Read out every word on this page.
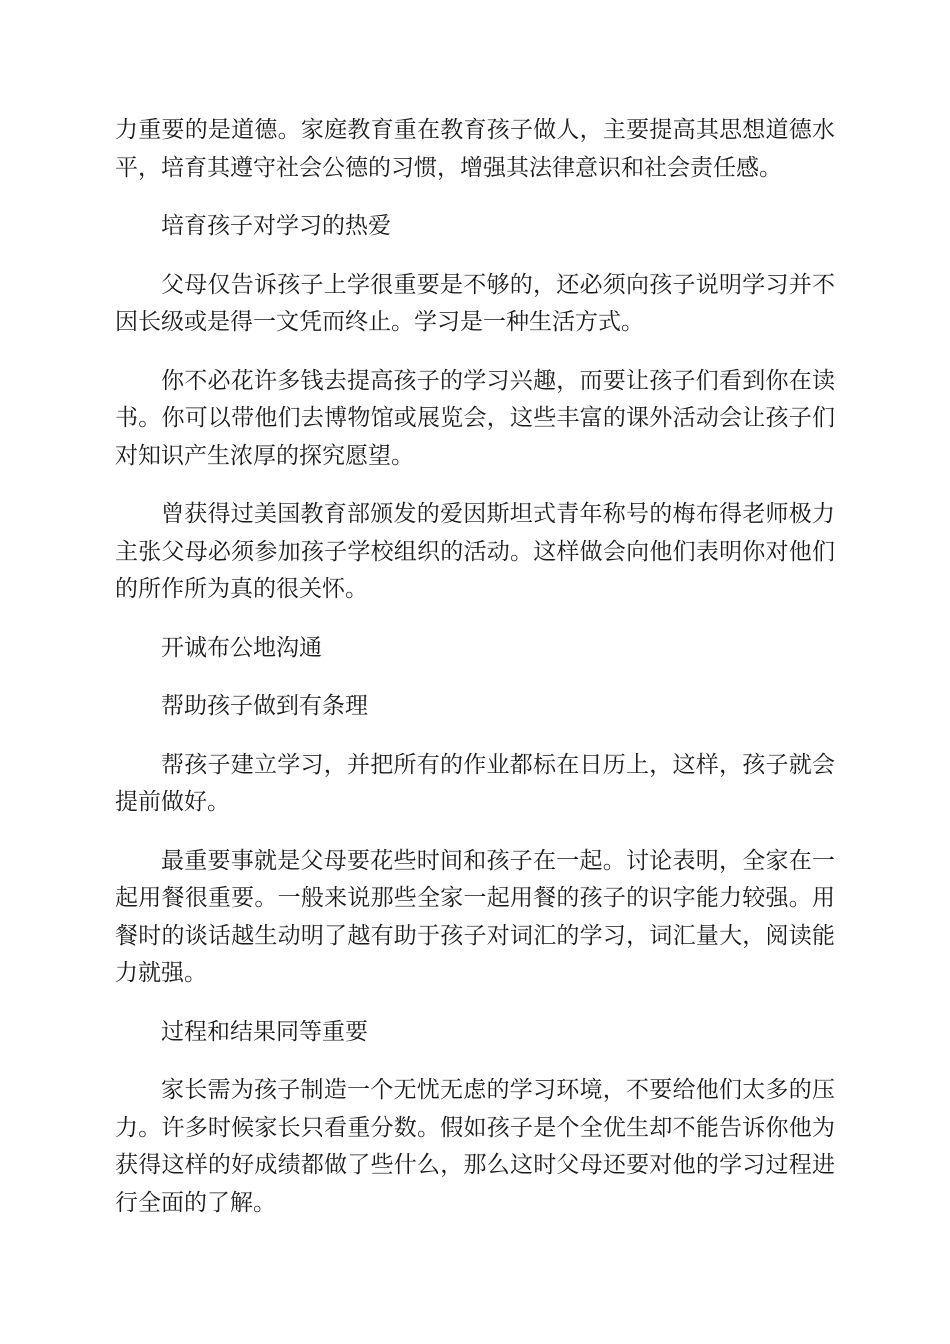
力重要的是道德。家庭教育重在教育孩子做人，主要提高其思想道德水平，培育其遵守社会公德的习惯，增强其法律意识和社会责任感。

培育孩子对学习的热爱

父母仅告诉孩子上学很重要是不够的，还必须向孩子说明学习并不因长级或是得一文凭而终止。学习是一种生活方式。

你不必花许多钱去提高孩子的学习兴趣，而要让孩子们看到你在读书。你可以带他们去博物馆或展览会，这些丰富的课外活动会让孩子们对知识产生浓厚的探究愿望。

曾获得过美国教育部颁发的爱因斯坦式青年称号的梅布得老师极力主张父母必须参加孩子学校组织的活动。这样做会向他们表明你对他们的所作所为真的很关怀。

开诚布公地沟通

帮助孩子做到有条理

帮孩子建立学习，并把所有的作业都标在日历上，这样，孩子就会提前做好。

最重要事就是父母要花些时间和孩子在一起。讨论表明，全家在一起用餐很重要。一般来说那些全家一起用餐的孩子的识字能力较强。用餐时的谈话越生动明了越有助于孩子对词汇的学习，词汇量大，阅读能力就强。

过程和结果同等重要

家长需为孩子制造一个无忧无虑的学习环境，不要给他们太多的压力。许多时候家长只看重分数。假如孩子是个全优生却不能告诉你他为获得这样的好成绩都做了些什么，那么这时父母还要对他的学习过程进行全面的了解。
